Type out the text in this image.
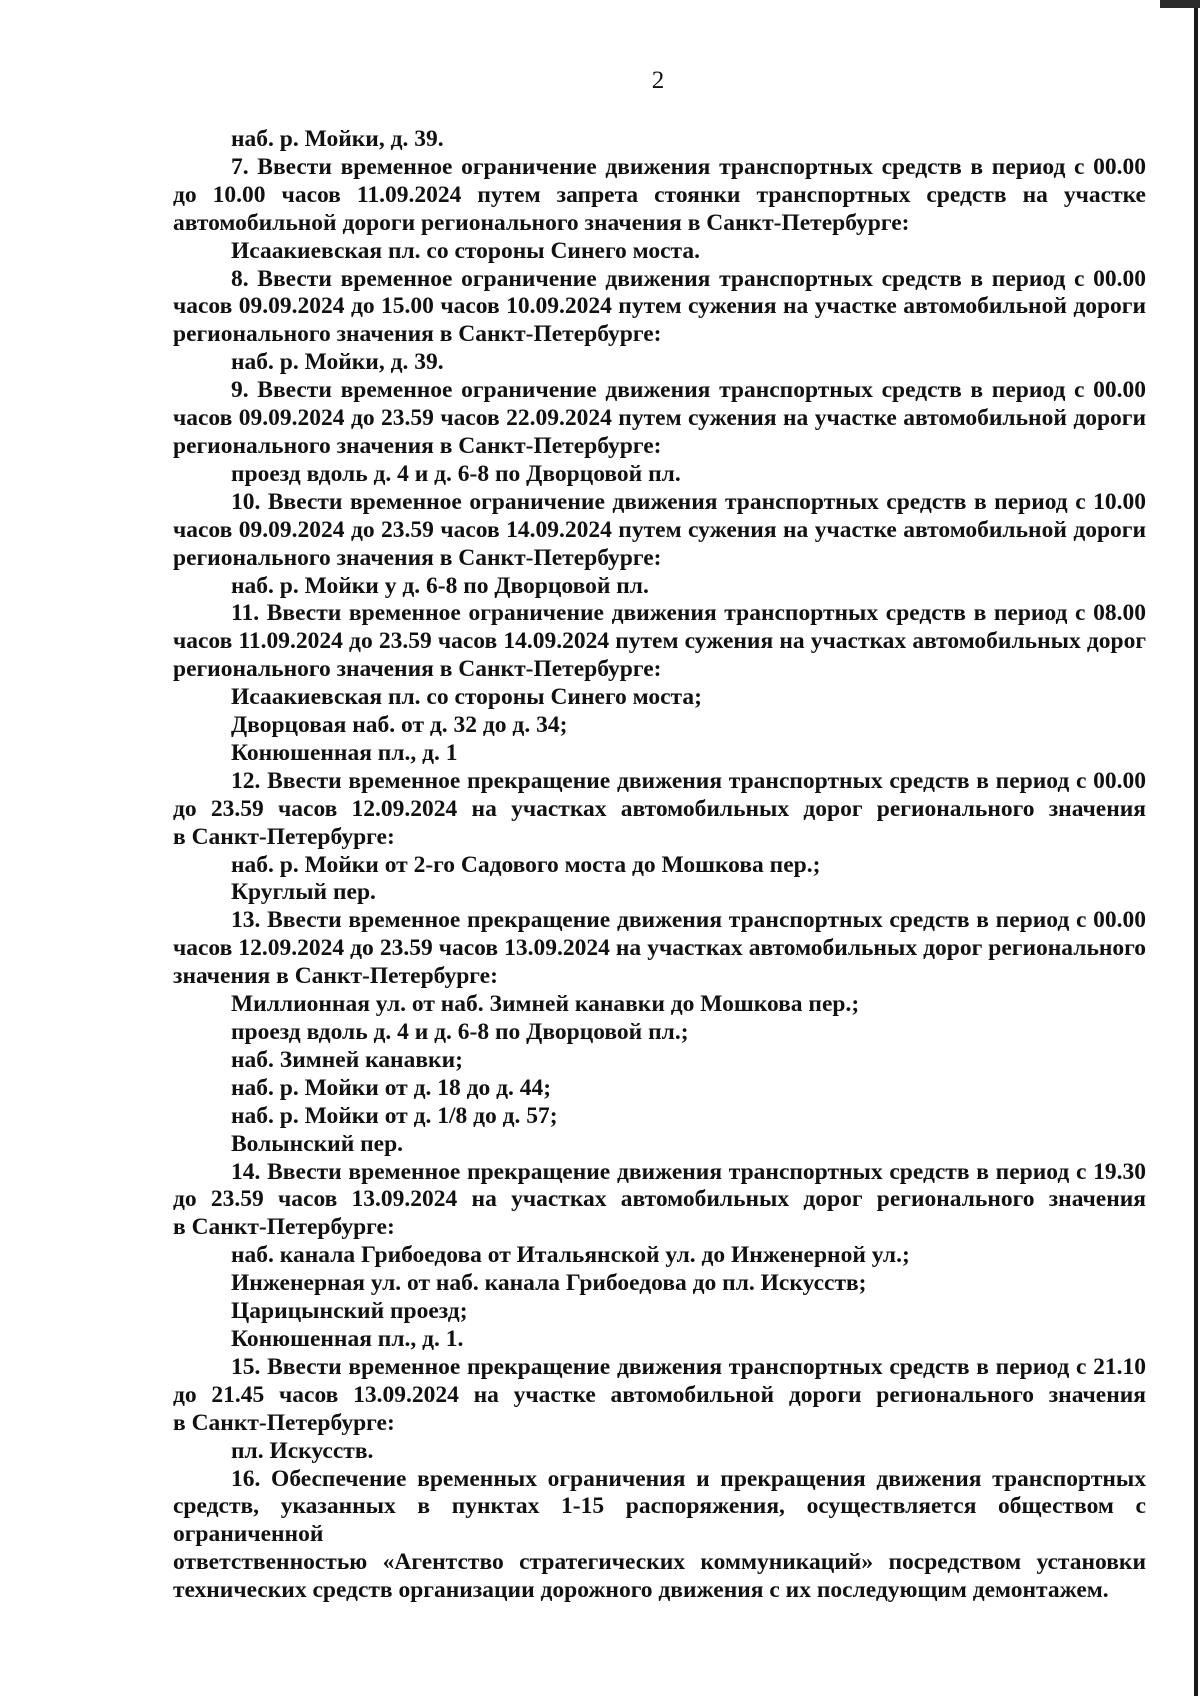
2
наб. р. Мойки, д. 39.
7. Ввести временное ограничение движения транспортных средств в период с 00.00
до 10.00 часов 11.09.2024 путем запрета стоянки транспортных средств на участке
автомобильной дороги регионального значения в Санкт-Петербурге:
Исаакиевская пл. со стороны Синего моста.
8. Ввести временное ограничение движения транспортных средств в период с 00.00
часов 09.09.2024 до 15.00 часов 10.09.2024 путем сужения на участке автомобильной дороги
регионального значения в Санкт-Петербурге:
наб. р. Мойки, д. 39.
9. Ввести временное ограничение движения транспортных средств в период с 00.00
часов 09.09.2024 до 23.59 часов 22.09.2024 путем сужения на участке автомобильной дороги
регионального значения в Санкт-Петербурге:
проезд вдоль д. 4 и д. 6-8 по Дворцовой пл.
10. Ввести временное ограничение движения транспортных средств в период с 10.00
часов 09.09.2024 до 23.59 часов 14.09.2024 путем сужения на участке автомобильной дороги
регионального значения в Санкт-Петербурге:
наб. р. Мойки у д. 6-8 по Дворцовой пл.
11. Ввести временное ограничение движения транспортных средств в период с 08.00
часов 11.09.2024 до 23.59 часов 14.09.2024 путем сужения на участках автомобильных дорог
регионального значения в Санкт-Петербурге:
Исаакиевская пл. со стороны Синего моста;
Дворцовая наб. от д. 32 до д. 34;
Конюшенная пл., д. 1
12. Ввести временное прекращение движения транспортных средств в период с 00.00
до 23.59 часов 12.09.2024 на участках автомобильных дорог регионального значения
в Санкт-Петербурге:
наб. р. Мойки от 2-го Садового моста до Мошкова пер.;
Круглый пер.
13. Ввести временное прекращение движения транспортных средств в период с 00.00
часов 12.09.2024 до 23.59 часов 13.09.2024 на участках автомобильных дорог регионального
значения в Санкт-Петербурге:
Миллионная ул. от наб. Зимней канавки до Мошкова пер.;
проезд вдоль д. 4 и д. 6-8 по Дворцовой пл.;
наб. Зимней канавки;
наб. р. Мойки от д. 18 до д. 44;
наб. р. Мойки от д. 1/8 до д. 57;
Волынский пер.
14. Ввести временное прекращение движения транспортных средств в период с 19.30
до 23.59 часов 13.09.2024 на участках автомобильных дорог регионального значения
в Санкт-Петербурге:
наб. канала Грибоедова от Итальянской ул. до Инженерной ул.;
Инженерная ул. от наб. канала Грибоедова до пл. Искусств;
Царицынский проезд;
Конюшенная пл., д. 1.
15. Ввести временное прекращение движения транспортных средств в период с 21.10
до 21.45 часов 13.09.2024 на участке автомобильной дороги регионального значения
в Санкт-Петербурге:
пл. Искусств.
16. Обеспечение временных ограничения и прекращения движения транспортных
средств, указанных в пунктах 1-15 распоряжения, осуществляется обществом с ограниченной
ответственностью «Агентство стратегических коммуникаций» посредством установки
технических средств организации дорожного движения с их последующим демонтажем.
